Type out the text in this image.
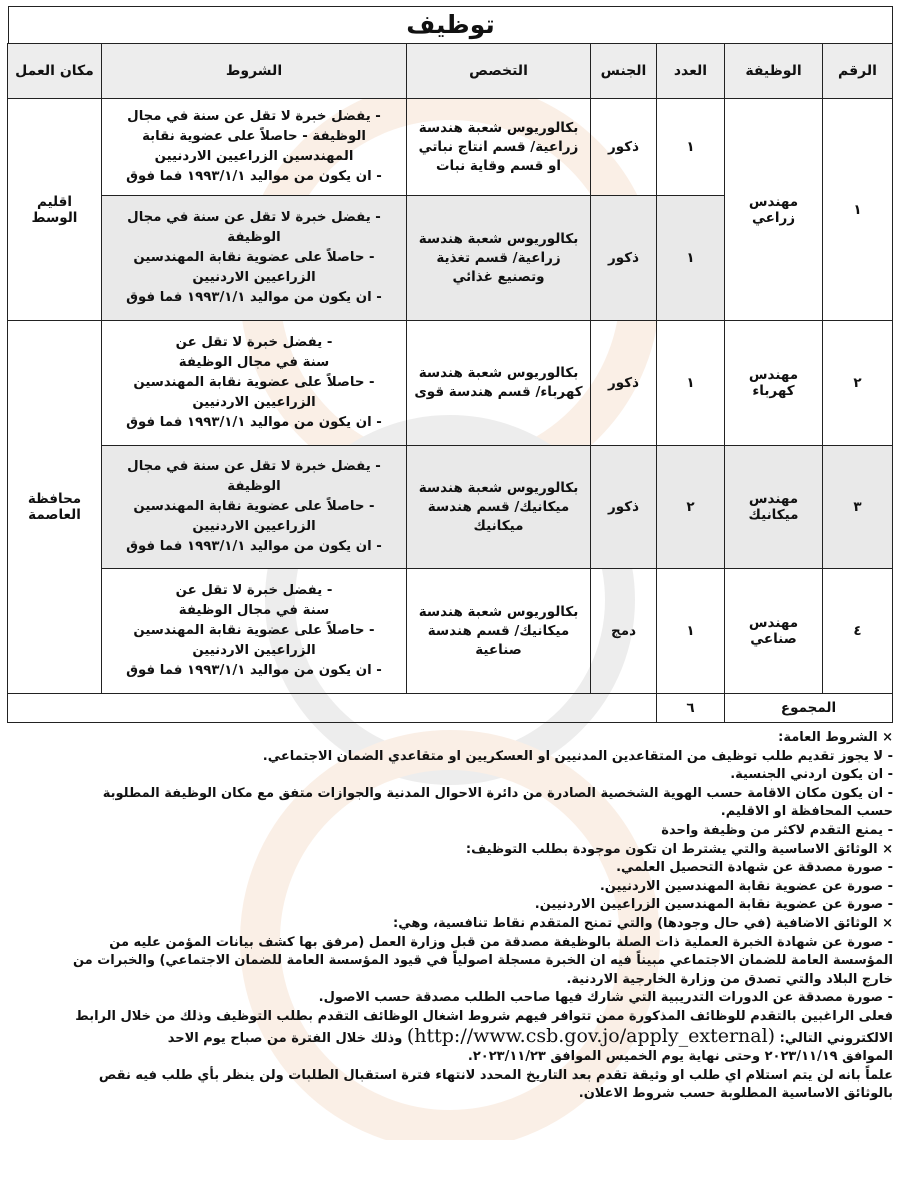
توظيف
الرقم	الوظيفة	العدد	الجنس	التخصص	الشروط	مكان العمل
١	مهندس زراعي	١	ذكور	بكالوريوس شعبة هندسة زراعية/ قسم انتاج نباتي او قسم وقاية نبات	- يفضل خبرة لا تقل عن سنة في مجال
الوظيفة - حاصلاً على عضوية نقابة
المهندسين الزراعيين الاردنيين
- ان يكون من مواليد ١٩٩٣/١/١ فما فوق	اقليم الوسط
		١	ذكور	بكالوريوس شعبة هندسة زراعية/ قسم تغذية وتصنيع غذائي	- يفضل خبرة لا تقل عن سنة في مجال
الوظيفة
- حاصلاً على عضوية نقابة المهندسين
الزراعيين الاردنيين
- ان يكون من مواليد ١٩٩٣/١/١ فما فوق	

٢	مهندس كهرباء	١	ذكور	بكالوريوس شعبة هندسة كهرباء/ قسم هندسة قوى	- يفضل خبرة لا تقل عن
سنة في مجال الوظيفة
- حاصلاً على عضوية نقابة المهندسين
الزراعيين الاردنيين
- ان يكون من مواليد ١٩٩٣/١/١ فما فوق	محافظة العاصمة
٣	مهندس ميكانيك	٢	ذكور	بكالوريوس شعبة هندسة ميكانيك/ قسم هندسة ميكانيك	- يفضل خبرة لا تقل عن سنة في مجال
الوظيفة
- حاصلاً على عضوية نقابة المهندسين
الزراعيين الاردنيين
- ان يكون من مواليد ١٩٩٣/١/١ فما فوق	

٤	مهندس صناعي	١	دمج	بكالوريوس شعبة هندسة ميكانيك/ قسم هندسة صناعية	- يفضل خبرة لا تقل عن
سنة في مجال الوظيفة
- حاصلاً على عضوية نقابة المهندسين
الزراعيين الاردنيين
- ان يكون من مواليد ١٩٩٣/١/١ فما فوق	

المجموع		٦				
× الشروط العامة:
- لا يجوز تقديم طلب توظيف من المتقاعدين المدنيين او العسكريين او متقاعدي الضمان الاجتماعي.
- ان يكون اردني الجنسية.
- ان يكون مكان الاقامة حسب الهوية الشخصية الصادرة من دائرة الاحوال المدنية والجوازات متفق مع مكان الوظيفة المطلوبة
حسب المحافظة او الاقليم.
- يمنع التقدم لاكثر من وظيفة واحدة
× الوثائق الاساسية والتي يشترط ان تكون موجودة بطلب التوظيف:
- صورة مصدقة عن شهادة التحصيل العلمي.
- صورة عن عضوية نقابة المهندسين الاردنيين.
- صورة عن عضوية نقابة المهندسين الزراعيين الاردنيين.
× الوثائق الاضافية (في حال وجودها) والتي تمنح المتقدم نقاط تنافسية، وهي:
- صورة عن شهادة الخبرة العملية ذات الصلة بالوظيفة مصدقة من قبل وزارة العمل (مرفق بها كشف بيانات المؤمن عليه من
المؤسسة العامة للضمان الاجتماعي مبيناً فيه ان الخبرة مسجلة اصولياً في قيود المؤسسة العامة للضمان الاجتماعي) والخبرات من
خارج البلاد والتي تصدق من وزارة الخارجية الاردنية.
- صورة مصدقة عن الدورات التدريبية التي شارك فيها صاحب الطلب مصدقة حسب الاصول.
فعلى الراغبين بالتقدم للوظائف المذكورة ممن تتوافر فيهم شروط اشغال الوظائف التقدم بطلب التوظيف وذلك من خلال الرابط
الالكتروني التالي: (http://www.csb.gov.jo/apply_external) وذلك خلال الفترة من صباح يوم الاحد
الموافق ٢٠٢٣/١١/١٩ وحتى نهاية يوم الخميس الموافق ٢٠٢٣/١١/٢٣.
علماً بانه لن يتم استلام اي طلب او وثيقة تقدم بعد التاريخ المحدد لانتهاء فترة استقبال الطلبات ولن ينظر بأي طلب فيه نقص
بالوثائق الاساسية المطلوبة حسب شروط الاعلان.
